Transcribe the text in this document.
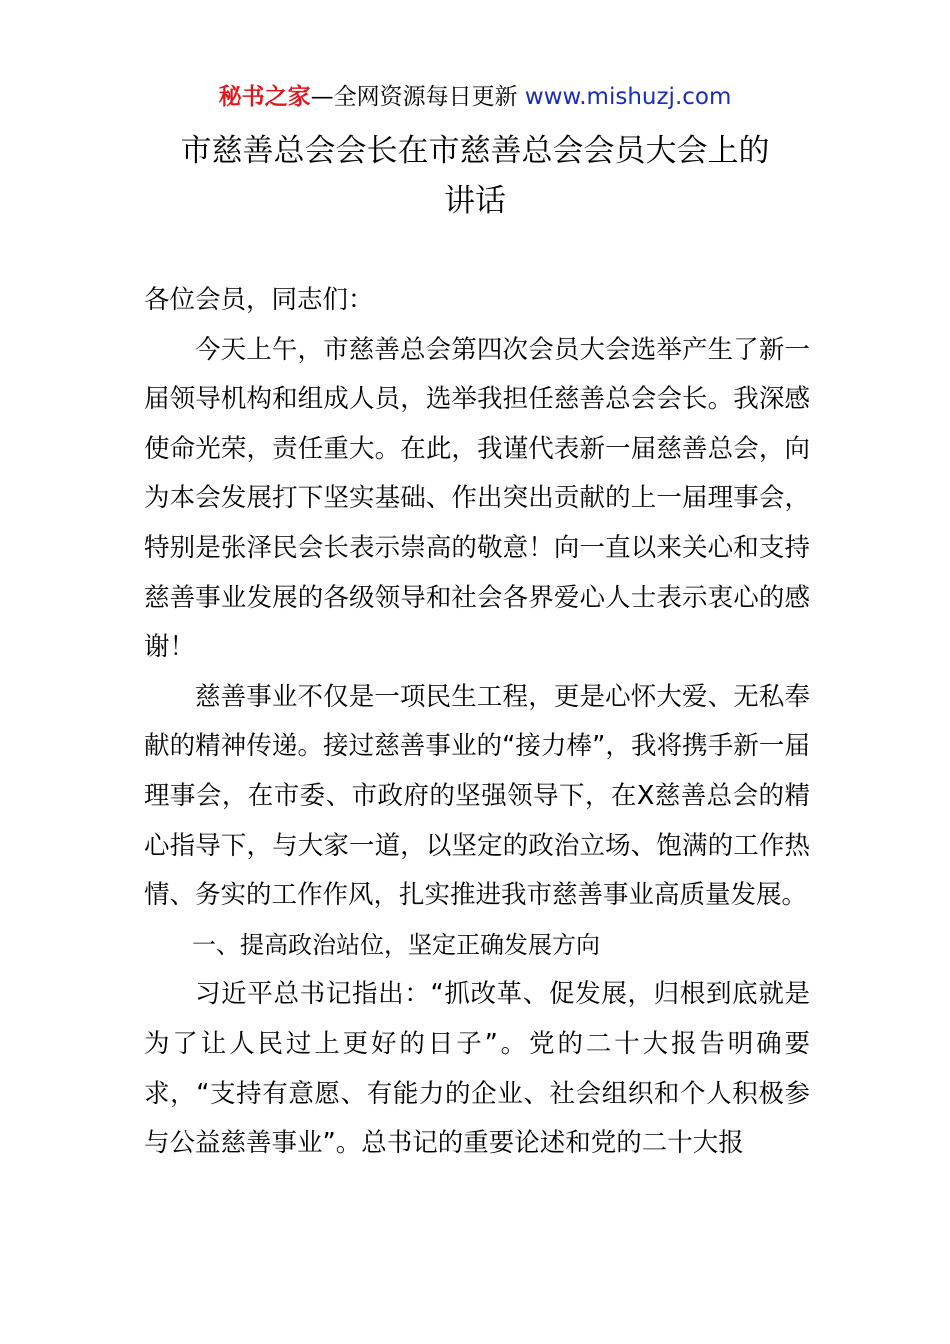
秘书之家—全网资源每日更新 www.mishuzj.com
市慈善总会会长在市慈善总会会员大会上的
讲话

各位会员，同志们：

今天上午，市慈善总会第四次会员大会选举产生了新一届领导机构和组成人员，选举我担任慈善总会会长。我深感使命光荣，责任重大。在此，我谨代表新一届慈善总会，向为本会发展打下坚实基础、作出突出贡献的上一届理事会，特别是张泽民会长表示崇高的敬意！向一直以来关心和支持慈善事业发展的各级领导和社会各界爱心人士表示衷心的感谢！

慈善事业不仅是一项民生工程，更是心怀大爱、无私奉献的精神传递。接过慈善事业的“接力棒”，我将携手新一届理事会，在市委、市政府的坚强领导下，在X慈善总会的精心指导下，与大家一道，以坚定的政治立场、饱满的工作热情、务实的工作作风，扎实推进我市慈善事业高质量发展。

一、提高政治站位，坚定正确发展方向

习近平总书记指出：“抓改革、促发展，归根到底就是为了让人民过上更好的日子”。党的二十大报告明确要求，“支持有意愿、有能力的企业、社会组织和个人积极参与公益慈善事业”。总书记的重要论述和党的二十大报
